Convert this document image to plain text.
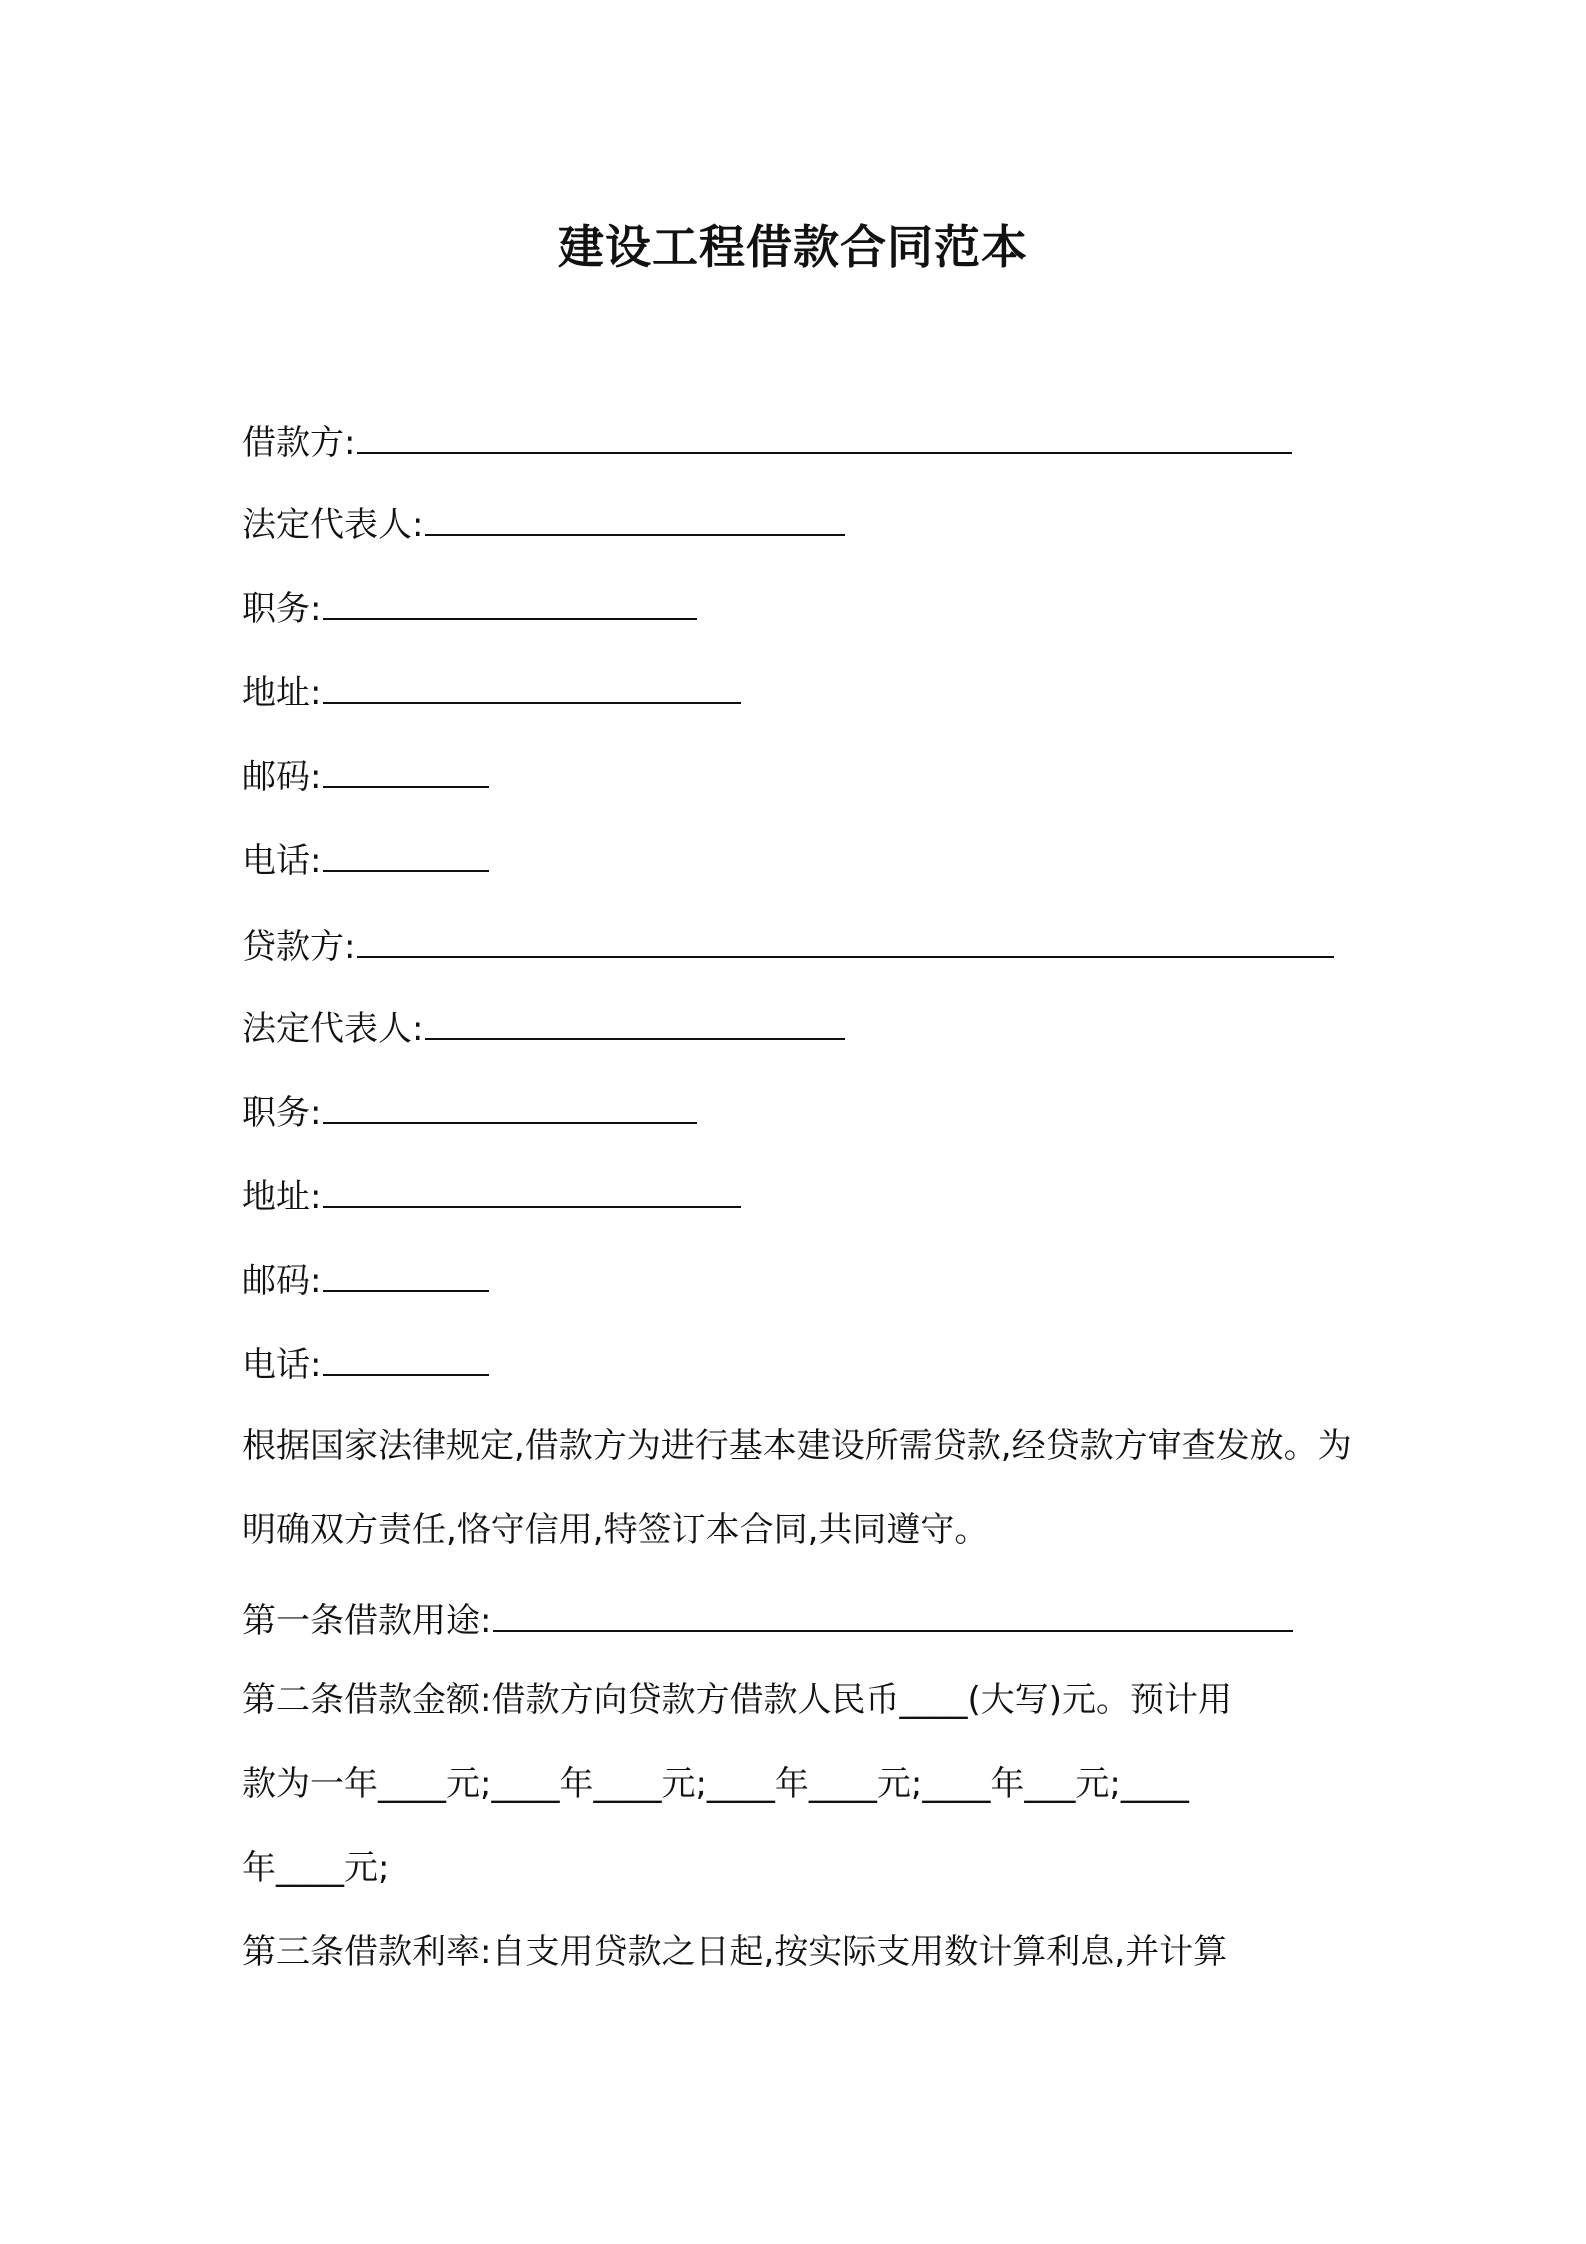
建设工程借款合同范本
借款方:
法定代表人:
职务:
地址:
邮码:
电话:
贷款方:
法定代表人:
职务:
地址:
邮码:
电话:

根据国家法律规定,借款方为进行基本建设所需贷款,经贷款方审查发放。为明确双方责任,恪守信用,特签订本合同,共同遵守。

第一条借款用途:
第二条借款金额:借款方向贷款方借款人民币____(大写)元。预计用
款为一年____元;____年____元;____年____元;____年___元;____
年____元;
第三条借款利率:自支用贷款之日起,按实际支用数计算利息,并计算
